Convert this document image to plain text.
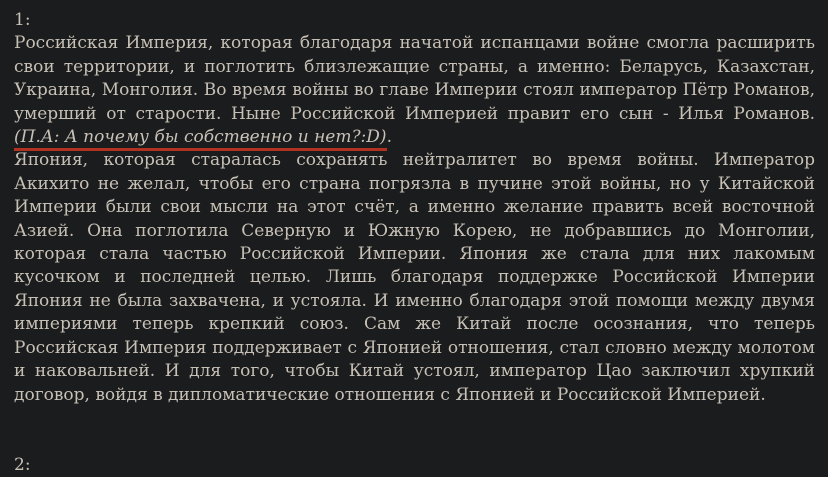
1:

Российская Империя, которая благодаря начатой испанцами войне смогла расширить свои территории, и поглотить близлежащие страны, а именно: Беларусь, Казахстан, Украина, Монголия. Во время войны во главе Империи стоял император Пётр Романов, умерший от старости. Ныне Российской Империей правит его сын - Илья Романов. (П.А: А почему бы собственно и нет?:D).

Япония, которая старалась сохранять нейтралитет во время войны. Император Акихито не желал, чтобы его страна погрязла в пучине этой войны, но у Китайской Империи были свои мысли на этот счёт, а именно желание править всей восточной Азией. Она поглотила Северную и Южную Корею, не добравшись до Монголии, которая стала частью Российской Империи. Япония же стала для них лакомым кусочком и последней целью. Лишь благодаря поддержке Российской Империи Япония не была захвачена, и устояла. И именно благодаря этой помощи между двумя империями теперь крепкий союз. Сам же Китай после осознания, что теперь Российская Империя поддерживает с Японией отношения, стал словно между молотом и наковальней. И для того, чтобы Китай устоял, император Цао заключил хрупкий договор, войдя в дипломатические отношения с Японией и Российской Империей.

2:
